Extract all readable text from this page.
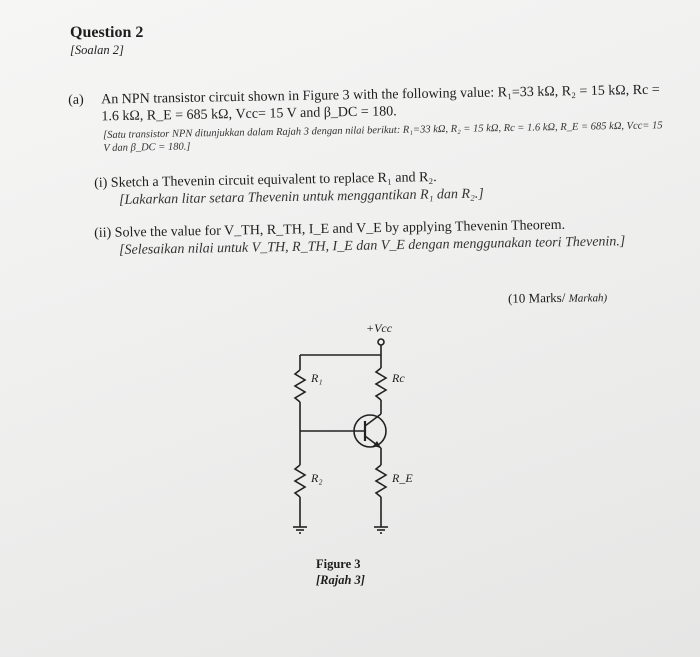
Question 2
[Soalan 2]
(a) An NPN transistor circuit shown in Figure 3 with the following value: R₁=33 kΩ, R₂ = 15 kΩ, Rc = 1.6 kΩ, R_E = 685 kΩ, Vcc= 15 V and β_DC = 180.
[Satu transistor NPN ditunjukkan dalam Rajah 3 dengan nilai berikut: R₁=33 kΩ, R₂ = 15 kΩ, Rc = 1.6 kΩ, R_E = 685 kΩ, Vcc= 15 V dan β_DC = 180.]
(i) Sketch a Thevenin circuit equivalent to replace R₁ and R₂.
[Lakarkan litar setara Thevenin untuk menggantikan R₁ dan R₂.]
(ii) Solve the value for V_TH, R_TH, I_E and V_E by applying Thevenin Theorem.
[Selesaikan nilai untuk V_TH, R_TH, I_E dan V_E dengan menggunakan teori Thevenin.]
(10 Marks/ Markah)
+Vcc
R₁
R₂
Rc
R_E
Figure 3
[Rajah 3]
